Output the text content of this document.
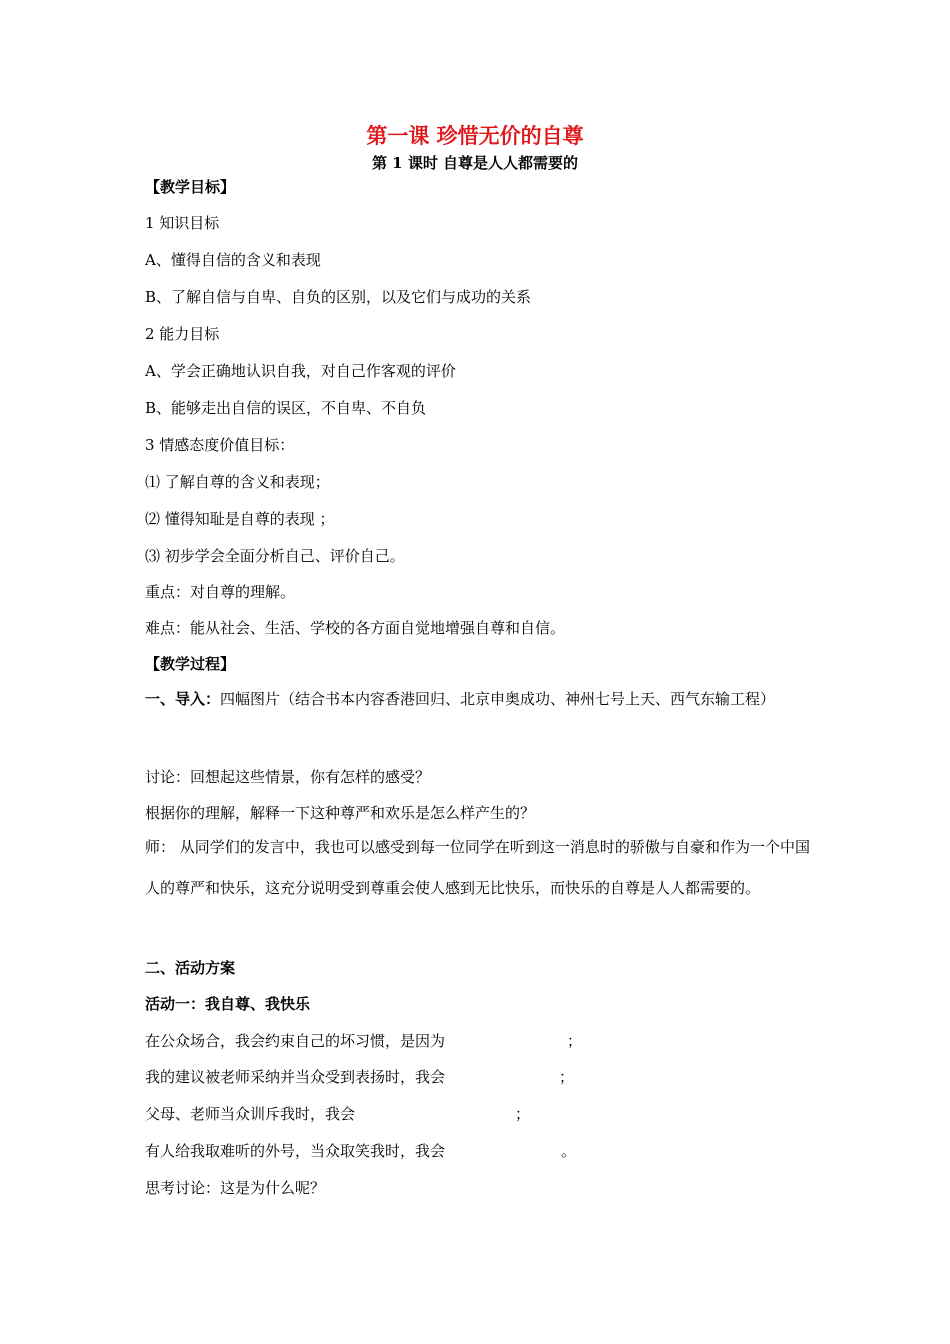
第一课 珍惜无价的自尊
第 1 课时 自尊是人人都需要的
【教学目标】
1 知识目标
A、懂得自信的含义和表现
B、了解自信与自卑、自负的区别，以及它们与成功的关系
2 能力目标
A、学会正确地认识自我，对自己作客观的评价
B、能够走出自信的误区，不自卑、不自负
3 情感态度价值目标：
⑴ 了解自尊的含义和表现；
⑵ 懂得知耻是自尊的表现 ；
⑶ 初步学会全面分析自己、评价自己。
重点：对自尊的理解。
难点：能从社会、生活、学校的各方面自觉地增强自尊和自信。
【教学过程】
一、导入：四幅图片（结合书本内容香港回归、北京申奥成功、神州七号上天、西气东输工程）
讨论：回想起这些情景，你有怎样的感受？
根据你的理解，解释一下这种尊严和欢乐是怎么样产生的？
师： 从同学们的发言中，我也可以感受到每一位同学在听到这一消息时的骄傲与自豪和作为一个中国人的尊严和快乐，这充分说明受到尊重会使人感到无比快乐，而快乐的自尊是人人都需要的。
二、活动方案
活动一：我自尊、我快乐
在公众场合，我会约束自己的坏习惯，是因为	；
我的建议被老师采纳并当众受到表扬时，我会	；
父母、老师当众训斥我时，我会	；
有人给我取难听的外号，当众取笑我时，我会	。
思考讨论：这是为什么呢？
